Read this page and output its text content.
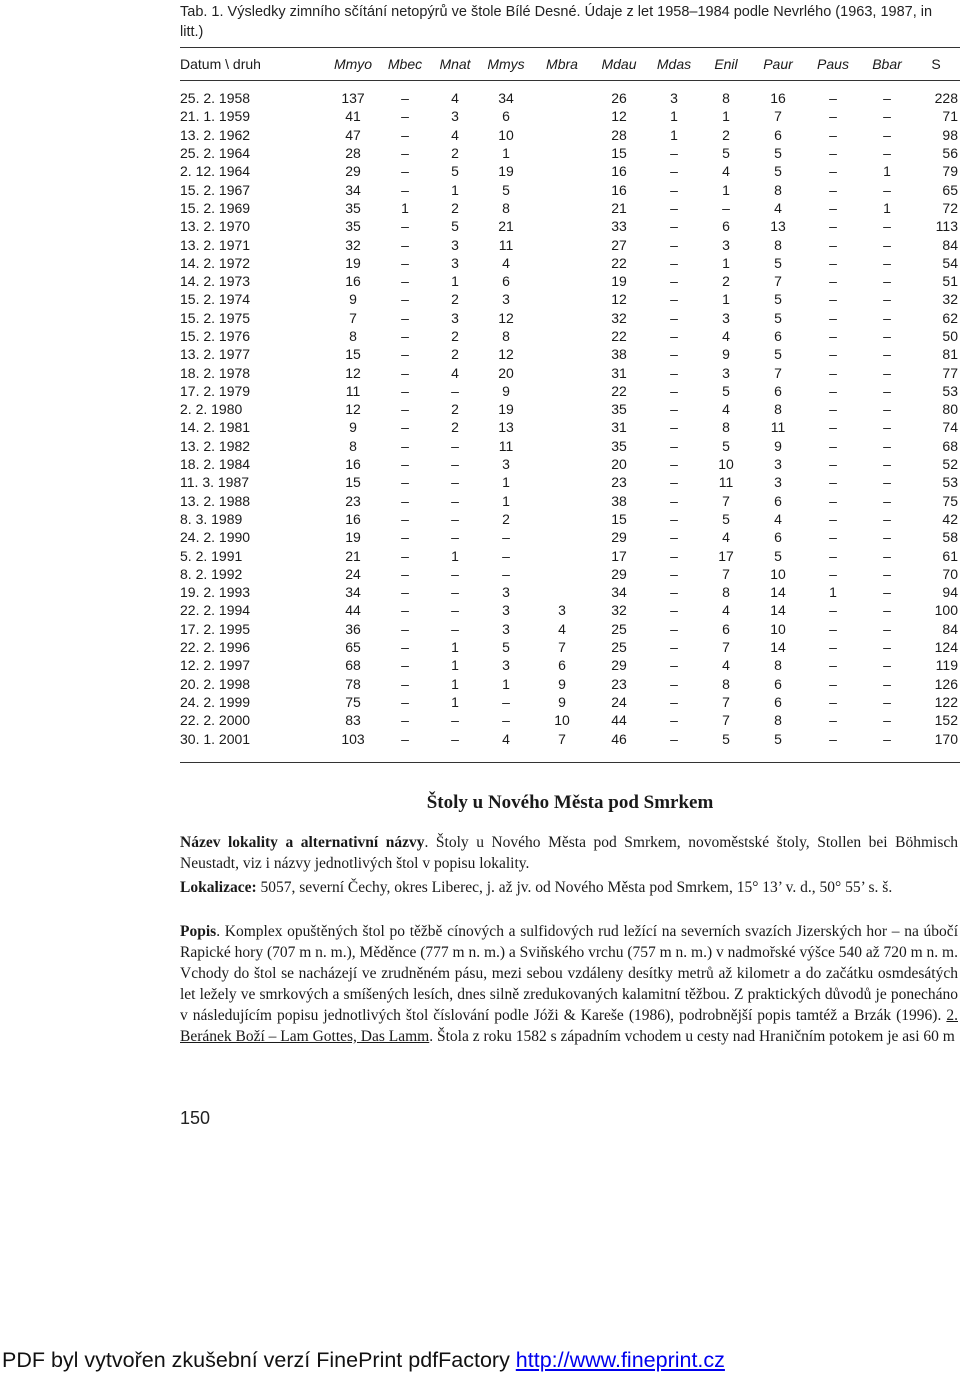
Tab. 1. Výsledky zimního sčítání netopýrů ve štole Bílé Desné. Údaje z let 1958–1984 podle Nevrlého (1963, 1987, in litt.)
Datum \ druh	Mmyo	Mbec	Mnat	Mmys	Mbra	Mdau	Mdas	Enil	Paur	Paus	Bbar	S

25. 2. 1958	137	–	4	34		26	3	8	16	–	–	228
21. 1. 1959	41	–	3	6		12	1	1	7	–	–	71
13. 2. 1962	47	–	4	10		28	1	2	6	–	–	98
25. 2. 1964	28	–	2	1		15	–	5	5	–	–	56
2. 12. 1964	29	–	5	19		16	–	4	5	–	1	79
15. 2. 1967	34	–	1	5		16	–	1	8	–	–	65
15. 2. 1969	35	1	2	8		21	–	–	4	–	1	72
13. 2. 1970	35	–	5	21		33	–	6	13	–	–	113
13. 2. 1971	32	–	3	11		27	–	3	8	–	–	84
14. 2. 1972	19	–	3	4		22	–	1	5	–	–	54
14. 2. 1973	16	–	1	6		19	–	2	7	–	–	51
15. 2. 1974	9	–	2	3		12	–	1	5	–	–	32
15. 2. 1975	7	–	3	12		32	–	3	5	–	–	62
15. 2. 1976	8	–	2	8		22	–	4	6	–	–	50
13. 2. 1977	15	–	2	12		38	–	9	5	–	–	81
18. 2. 1978	12	–	4	20		31	–	3	7	–	–	77
17. 2. 1979	11	–	–	9		22	–	5	6	–	–	53
2. 2. 1980	12	–	2	19		35	–	4	8	–	–	80
14. 2. 1981	9	–	2	13		31	–	8	11	–	–	74
13. 2. 1982	8	–	–	11		35	–	5	9	–	–	68
18. 2. 1984	16	–	–	3		20	–	10	3	–	–	52
11. 3. 1987	15	–	–	1		23	–	11	3	–	–	53
13. 2. 1988	23	–	–	1		38	–	7	6	–	–	75
8. 3. 1989	16	–	–	2		15	–	5	4	–	–	42
24. 2. 1990	19	–	–	–		29	–	4	6	–	–	58
5. 2. 1991	21	–	1	–		17	–	17	5	–	–	61
8. 2. 1992	24	–	–	–		29	–	7	10	–	–	70
19. 2. 1993	34	–	–	3		34	–	8	14	1	–	94
22. 2. 1994	44	–	–	3	3	32	–	4	14	–	–	100
17. 2. 1995	36	–	–	3	4	25	–	6	10	–	–	84
22. 2. 1996	65	–	1	5	7	25	–	7	14	–	–	124
12. 2. 1997	68	–	1	3	6	29	–	4	8	–	–	119
20. 2. 1998	78	–	1	1	9	23	–	8	6	–	–	126
24. 2. 1999	75	–	1	–	9	24	–	7	6	–	–	122
22. 2. 2000	83	–	–	–	10	44	–	7	8	–	–	152
30. 1. 2001	103	–	–	4	7	46	–	5	5	–	–	170

Štoly u Nového Města pod Smrkem
Název lokality a alternativní názvy. Štoly u Nového Města pod Smrkem, novoměstské štoly, Stollen bei Böhmisch Neustadt, viz i názvy jednotlivých štol v popisu lokality.
Lokalizace: 5057, severní Čechy, okres Liberec, j. až jv. od Nového Města pod Smrkem, 15° 13’ v. d., 50° 55’ s. š.
Popis. Komplex opuštěných štol po těžbě cínových a sulfidových rud ležící na severních svazích Jizerských hor – na úbočí Rapické hory (707 m n. m.), Měděnce (777 m n. m.) a Sviňského vrchu (757 m n. m.) v nadmořské výšce 540 až 720 m n. m. Vchody do štol se nacházejí ve zrudněném pásu, mezi sebou vzdáleny desítky metrů až kilometr a do začátku osmdesátých let ležely ve smrkových a smíšených lesích, dnes silně zredukovaných kalamitní těžbou. Z praktických důvodů je ponecháno v následujícím popisu jednotlivých štol číslování podle Jóži & Kareše (1986), podrobnější popis tamtéž a Brzák (1996). 2. Beránek Boží – Lam Gottes, Das Lamm. Štola z roku 1582 s západním vchodem u cesty nad Hraničním potokem je asi 60 m
150
PDF byl vytvořen zkušební verzí FinePrint pdfFactory http://www.fineprint.cz
